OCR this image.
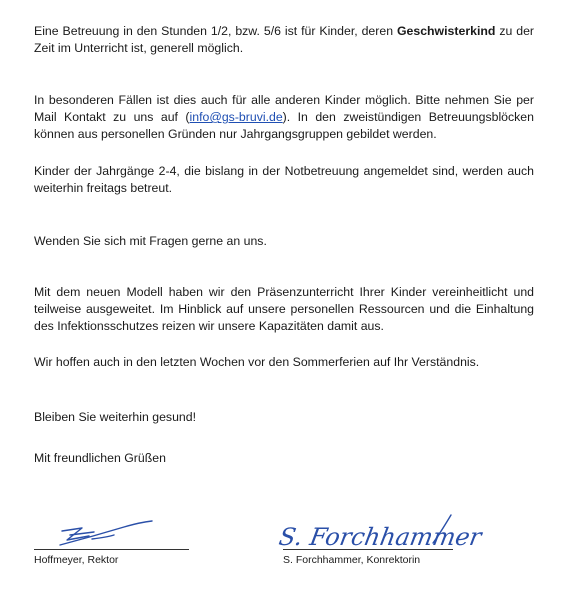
Eine Betreuung in den Stunden 1/2, bzw. 5/6 ist für Kinder, deren Geschwisterkind zu der Zeit im Unterricht ist, generell möglich.

In besonderen Fällen ist dies auch für alle anderen Kinder möglich. Bitte nehmen Sie per Mail Kontakt zu uns auf (info@gs-bruvi.de). In den zweistündigen Betreuungsblöcken können aus personellen Gründen nur Jahrgangsgruppen gebildet werden.

Kinder der Jahrgänge 2-4, die bislang in der Notbetreuung angemeldet sind, werden auch weiterhin freitags betreut.

Wenden Sie sich mit Fragen gerne an uns.

Mit dem neuen Modell haben wir den Präsenzunterricht Ihrer Kinder vereinheitlicht und teilweise ausgeweitet. Im Hinblick auf unsere personellen Ressourcen und die Einhaltung des Infektionsschutzes reizen wir unsere Kapazitäten damit aus.

Wir hoffen auch in den letzten Wochen vor den Sommerferien auf Ihr Verständnis.

Bleiben Sie weiterhin gesund!

Mit freundlichen Grüßen

Hoffmeyer, Rektor
S. Forchhammer
S. Forchhammer, Konrektorin
